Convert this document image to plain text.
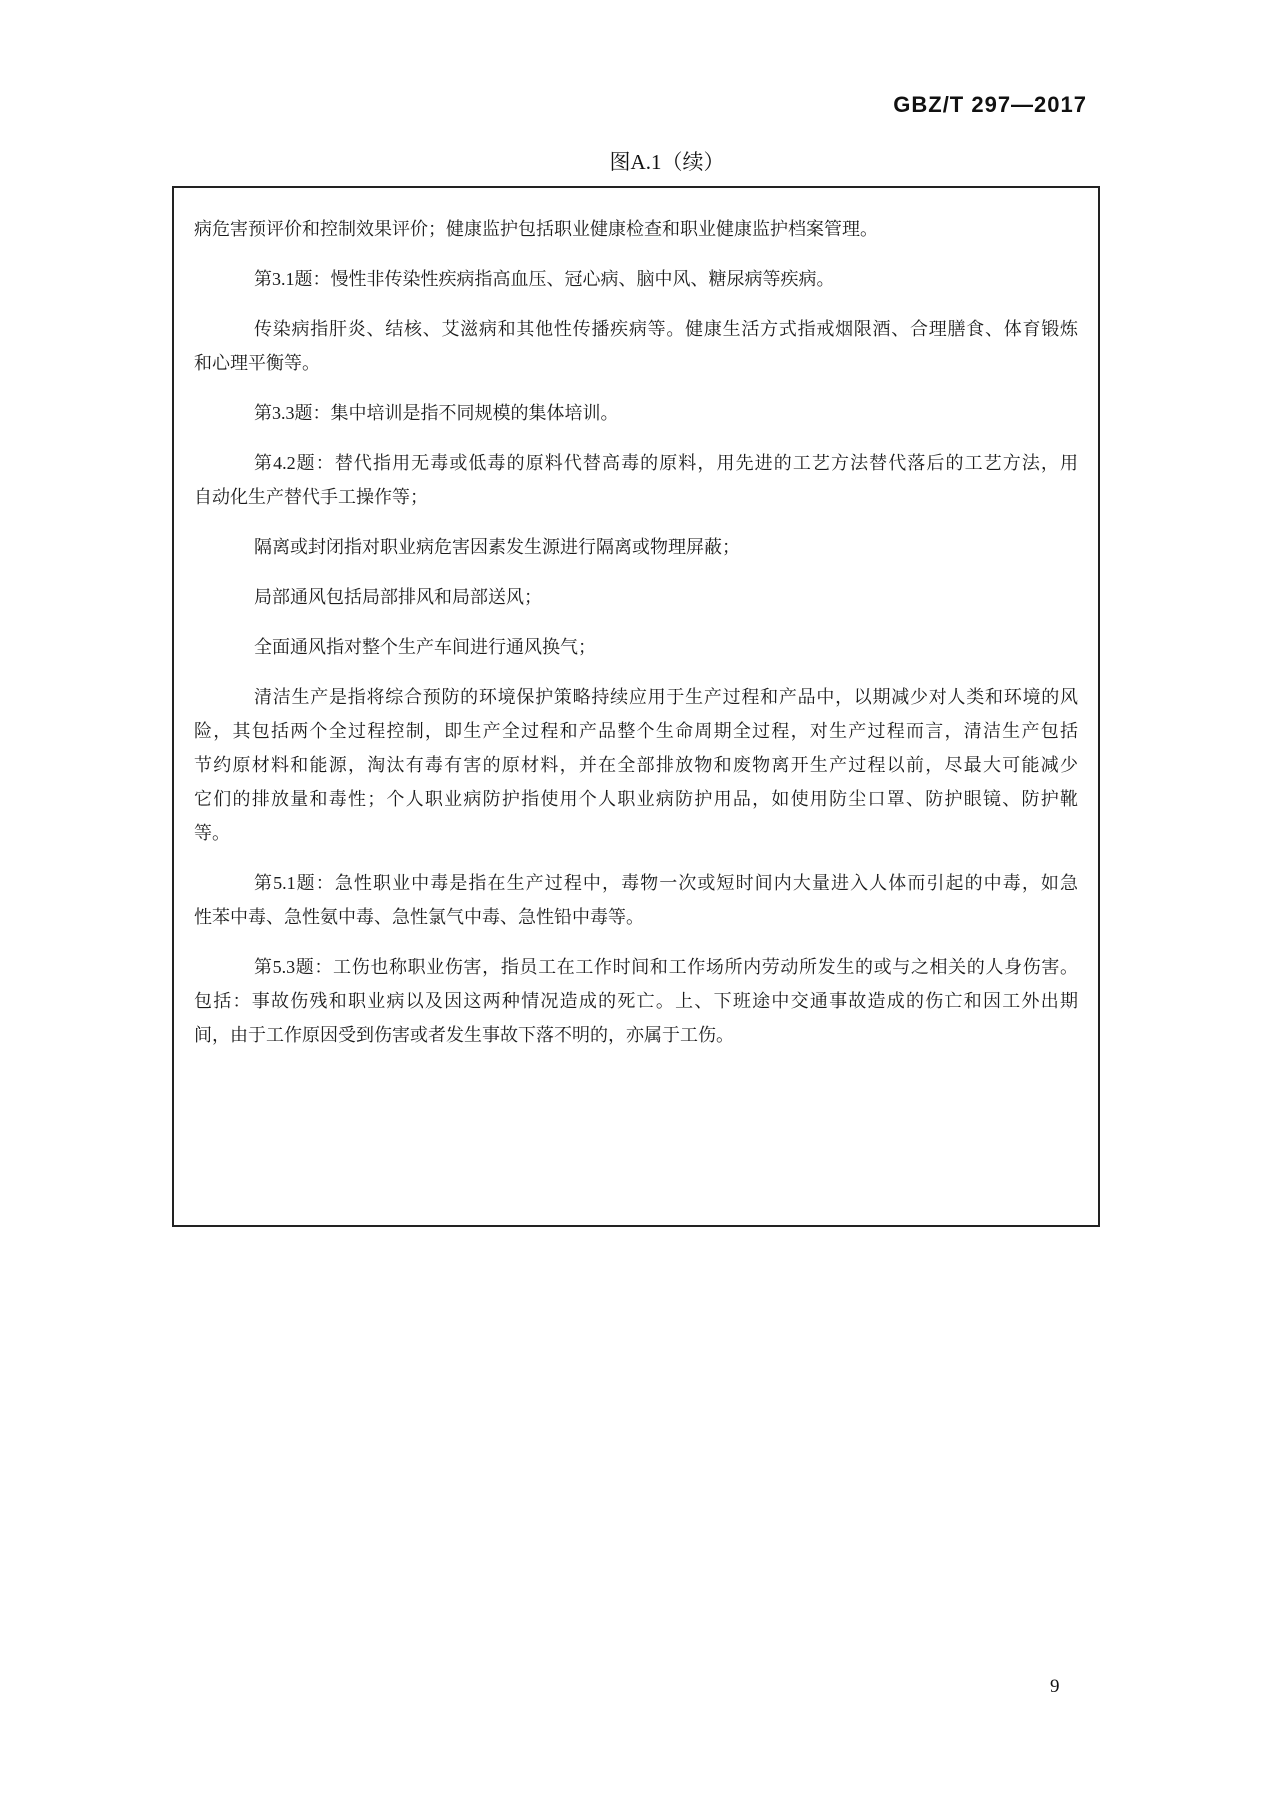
GBZ/T 297—2017
图A.1（续）
病危害预评价和控制效果评价；健康监护包括职业健康检查和职业健康监护档案管理。
第3.1题：慢性非传染性疾病指高血压、冠心病、脑中风、糖尿病等疾病。
传染病指肝炎、结核、艾滋病和其他性传播疾病等。健康生活方式指戒烟限酒、合理膳食、体育锻炼
和心理平衡等。
第3.3题：集中培训是指不同规模的集体培训。
第4.2题：替代指用无毒或低毒的原料代替高毒的原料，用先进的工艺方法替代落后的工艺方法，用
自动化生产替代手工操作等；
隔离或封闭指对职业病危害因素发生源进行隔离或物理屏蔽；
局部通风包括局部排风和局部送风；
全面通风指对整个生产车间进行通风换气；
清洁生产是指将综合预防的环境保护策略持续应用于生产过程和产品中，以期减少对人类和环境的风
险，其包括两个全过程控制，即生产全过程和产品整个生命周期全过程，对生产过程而言，清洁生产包括
节约原材料和能源，淘汰有毒有害的原材料，并在全部排放物和废物离开生产过程以前，尽最大可能减少
它们的排放量和毒性；个人职业病防护指使用个人职业病防护用品，如使用防尘口罩、防护眼镜、防护靴
等。
第5.1题：急性职业中毒是指在生产过程中，毒物一次或短时间内大量进入人体而引起的中毒，如急
性苯中毒、急性氨中毒、急性氯气中毒、急性铅中毒等。
第5.3题：工伤也称职业伤害，指员工在工作时间和工作场所内劳动所发生的或与之相关的人身伤害。
包括：事故伤残和职业病以及因这两种情况造成的死亡。上、下班途中交通事故造成的伤亡和因工外出期
间，由于工作原因受到伤害或者发生事故下落不明的，亦属于工伤。
9
